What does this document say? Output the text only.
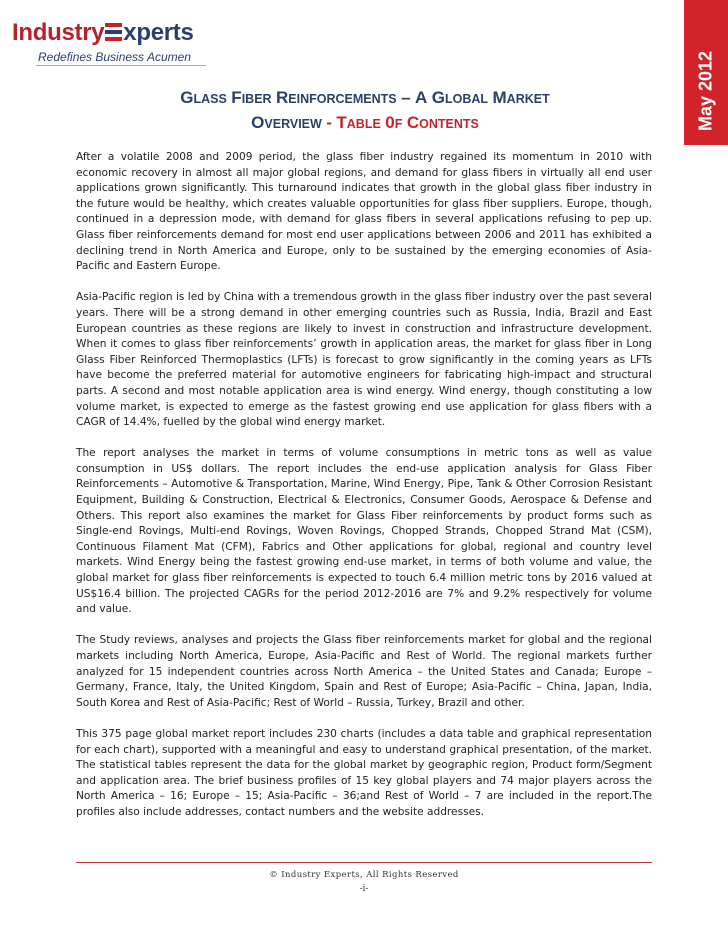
Industry xperts
Redefines Business Acumen	May 2012
GLASS FIBER REINFORCEMENTS – A GLOBAL MARKET
OVERVIEW - TABLE 0F CONTENTS

After a volatile 2008 and 2009 period, the glass fiber industry regained its momentum in 2010 with economic recovery in almost all major global regions, and demand for glass fibers in virtually all end user applications grown significantly. This turnaround indicates that growth in the global glass fiber industry in the future would be healthy, which creates valuable opportunities for glass fiber suppliers. Europe, though, continued in a depression mode, with demand for glass fibers in several applications refusing to pep up. Glass fiber reinforcements demand for most end user applications between 2006 and 2011 has exhibited a declining trend in North America and Europe, only to be sustained by the emerging economies of Asia-Pacific and Eastern Europe.

Asia-Pacific region is led by China with a tremendous growth in the glass fiber industry over the past several years. There will be a strong demand in other emerging countries such as Russia, India, Brazil and East European countries as these regions are likely to invest in construction and infrastructure development. When it comes to glass fiber reinforcements’ growth in application areas, the market for glass fiber in Long Glass Fiber Reinforced Thermoplastics (LFTs) is forecast to grow significantly in the coming years as LFTs have become the preferred material for automotive engineers for fabricating high-impact and structural parts. A second and most notable application area is wind energy. Wind energy, though constituting a low volume market, is expected to emerge as the fastest growing end use application for glass fibers with a CAGR of 14.4%, fuelled by the global wind energy market.

The report analyses the market in terms of volume consumptions in metric tons as well as value consumption in US$ dollars. The report includes the end-use application analysis for Glass Fiber Reinforcements – Automotive & Transportation, Marine, Wind Energy, Pipe, Tank & Other Corrosion Resistant Equipment, Building & Construction, Electrical & Electronics, Consumer Goods, Aerospace & Defense and Others. This report also examines the market for Glass Fiber reinforcements by product forms such as Single-end Rovings, Multi-end Rovings, Woven Rovings, Chopped Strands, Chopped Strand Mat (CSM), Continuous Filament Mat (CFM), Fabrics and Other applications for global, regional and country level markets. Wind Energy being the fastest growing end-use market, in terms of both volume and value, the global market for glass fiber reinforcements is expected to touch 6.4 million metric tons by 2016 valued at US$16.4 billion. The projected CAGRs for the period 2012-2016 are 7% and 9.2% respectively for volume and value.

The Study reviews, analyses and projects the Glass fiber reinforcements market for global and the regional markets including North America, Europe, Asia-Pacific and Rest of World. The regional markets further analyzed for 15 independent countries across North America – the United States and Canada; Europe – Germany, France, Italy, the United Kingdom, Spain and Rest of Europe; Asia-Pacific – China, Japan, India, South Korea and Rest of Asia-Pacific; Rest of World – Russia, Turkey, Brazil and other.

This 375 page global market report includes 230 charts (includes a data table and graphical representation for each chart), supported with a meaningful and easy to understand graphical presentation, of the market. The statistical tables represent the data for the global market by geographic region, Product form/Segment and application area. The brief business profiles of 15 key global players and 74 major players across the North America – 16; Europe – 15; Asia-Pacific – 36;and Rest of World – 7 are included in the report.The profiles also include addresses, contact numbers and the website addresses.

© Industry Experts, All Rights Reserved
-i-
